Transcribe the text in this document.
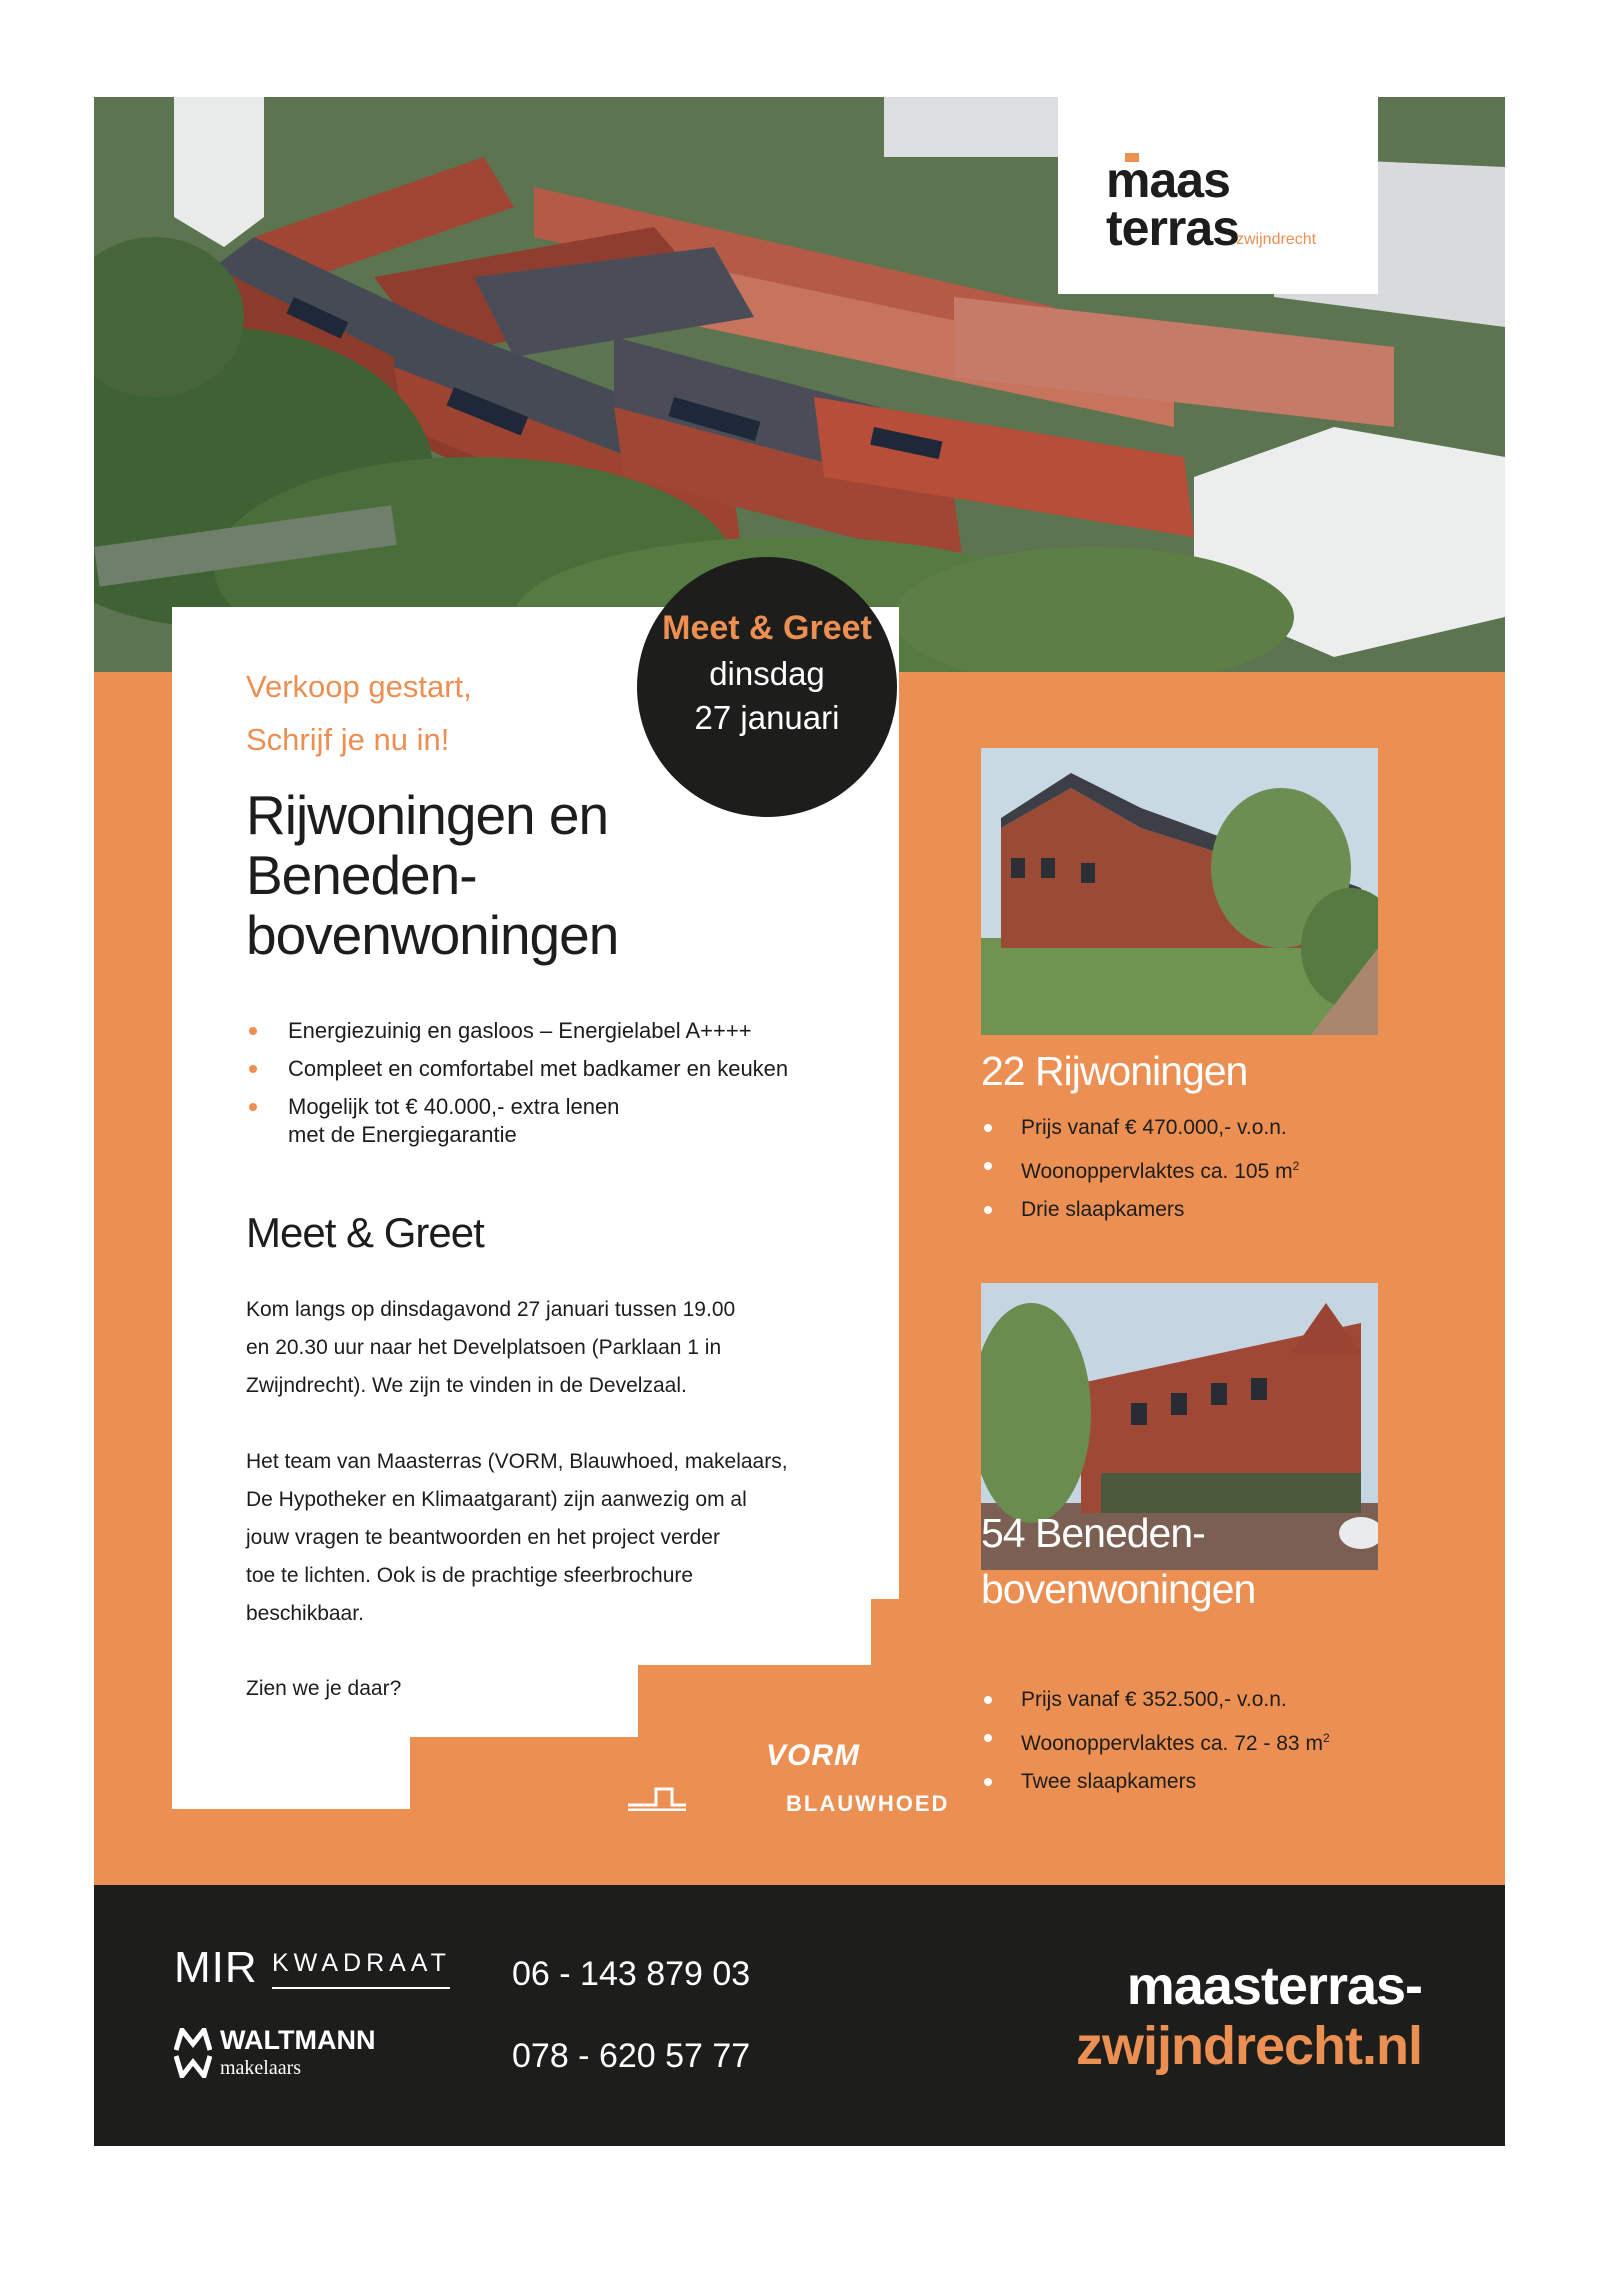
maas
terras
zwijndrecht
Meet & Greet
dinsdag
27 januari
Verkoop gestart,
Schrijf je nu in!
Rijwoningen en
Beneden-
bovenwoningen
Energiezuinig en gasloos – Energielabel A++++
Compleet en comfortabel met badkamer en keuken
Mogelijk tot € 40.000,- extra lenen
met de Energiegarantie
Meet & Greet
Kom langs op dinsdagavond 27 januari tussen 19.00
en 20.30 uur naar het Develplatsoen (Parklaan 1 in
Zwijndrecht). We zijn te vinden in de Develzaal.
Het team van Maasterras (VORM, Blauwhoed, makelaars,
De Hypotheker en Klimaatgarant) zijn aanwezig om al
jouw vragen te beantwoorden en het project verder
toe te lichten. Ook is de prachtige sfeerbrochure
beschikbaar.
Zien we je daar?
VORM
BLAUWHOED
22 Rijwoningen
Prijs vanaf € 470.000,- v.o.n.
Woonoppervlaktes ca. 105 $m^2$
Drie slaapkamers
54 Beneden-
bovenwoningen
Prijs vanaf € 352.500,- v.o.n.
Woonoppervlaktes ca. 72 - 83 $m^2$
Twee slaapkamers
MIR KWADRAAT
WALTMANN
makelaars
06 - 143 879 03
078 - 620 57 77
maasterras-
zwijndrecht.nl
